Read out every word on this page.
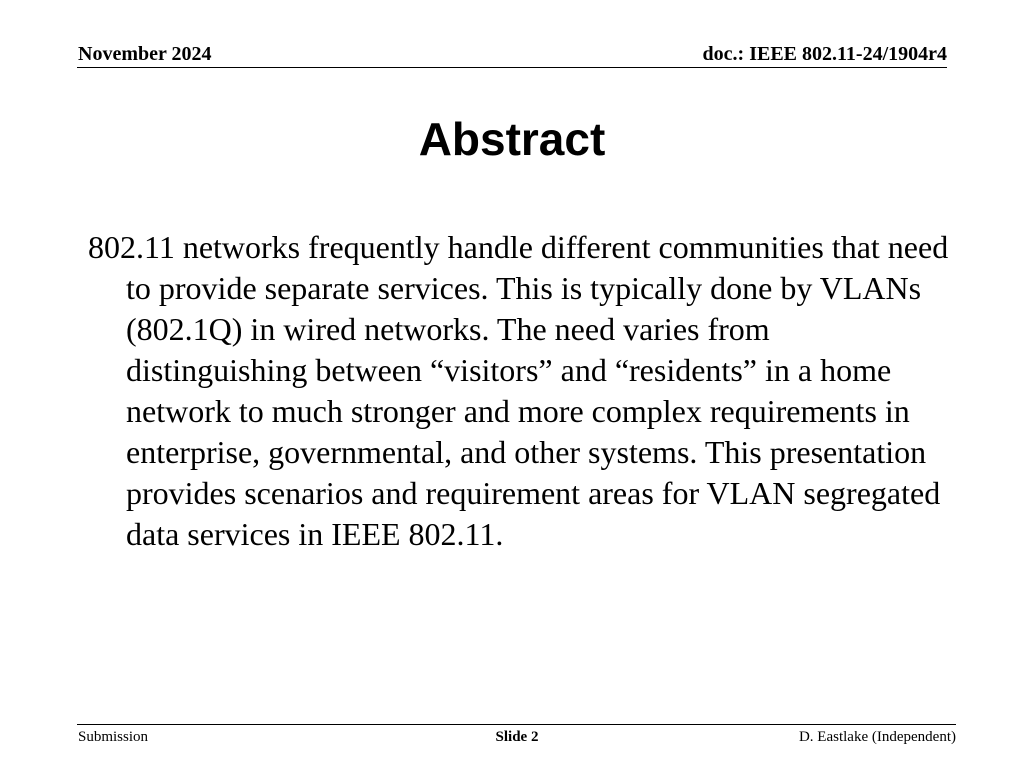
November 2024	doc.: IEEE 802.11-24/1904r4
Abstract

802.11 networks frequently handle different communities that need to provide separate services. This is typically done by VLANs (802.1Q) in wired networks. The need varies from distinguishing between “visitors” and “residents” in a home network to much stronger and more complex requirements in enterprise, governmental, and other systems. This presentation provides scenarios and requirement areas for VLAN segregated data services in IEEE 802.11.

Submission	Slide 2	D. Eastlake (Independent)
